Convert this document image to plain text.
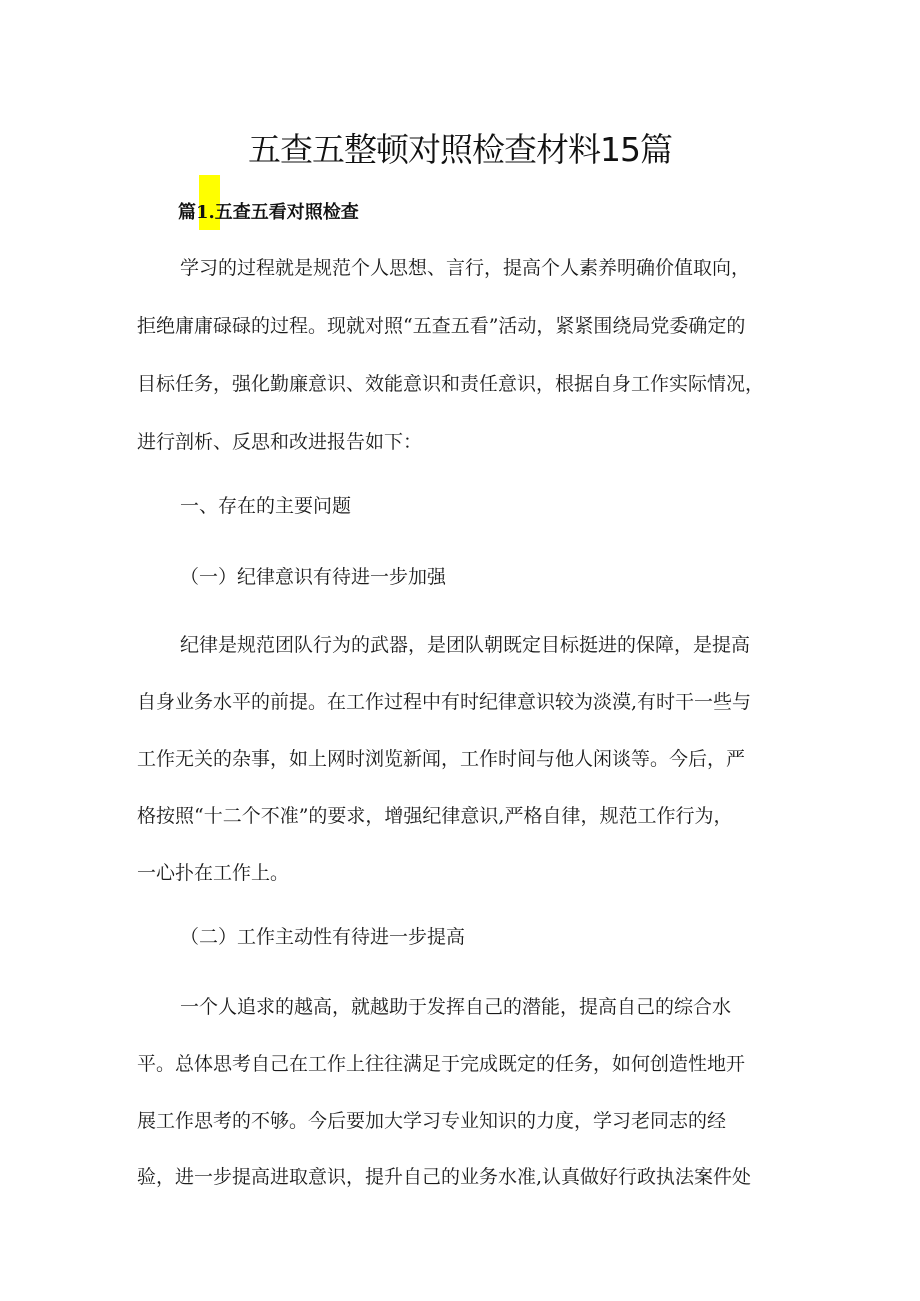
五查五整顿对照检查材料15篇
篇1.五查五看对照检查
学习的过程就是规范个人思想、言行，提高个人素养明确价值取向，
拒绝庸庸碌碌的过程。现就对照“五查五看”活动，紧紧围绕局党委确定的
目标任务，强化勤廉意识、效能意识和责任意识，根据自身工作实际情况，
进行剖析、反思和改进报告如下：
一、存在的主要问题
（一）纪律意识有待进一步加强
纪律是规范团队行为的武器，是团队朝既定目标挺进的保障，是提高
自身业务水平的前提。在工作过程中有时纪律意识较为淡漠,有时干一些与
工作无关的杂事，如上网时浏览新闻，工作时间与他人闲谈等。今后，严
格按照“十二个不准”的要求，增强纪律意识,严格自律，规范工作行为，
一心扑在工作上。
（二）工作主动性有待进一步提高
一个人追求的越高，就越助于发挥自己的潜能，提高自己的综合水
平。总体思考自己在工作上往往满足于完成既定的任务，如何创造性地开
展工作思考的不够。今后要加大学习专业知识的力度，学习老同志的经
验，进一步提高进取意识，提升自己的业务水准,认真做好行政执法案件处
